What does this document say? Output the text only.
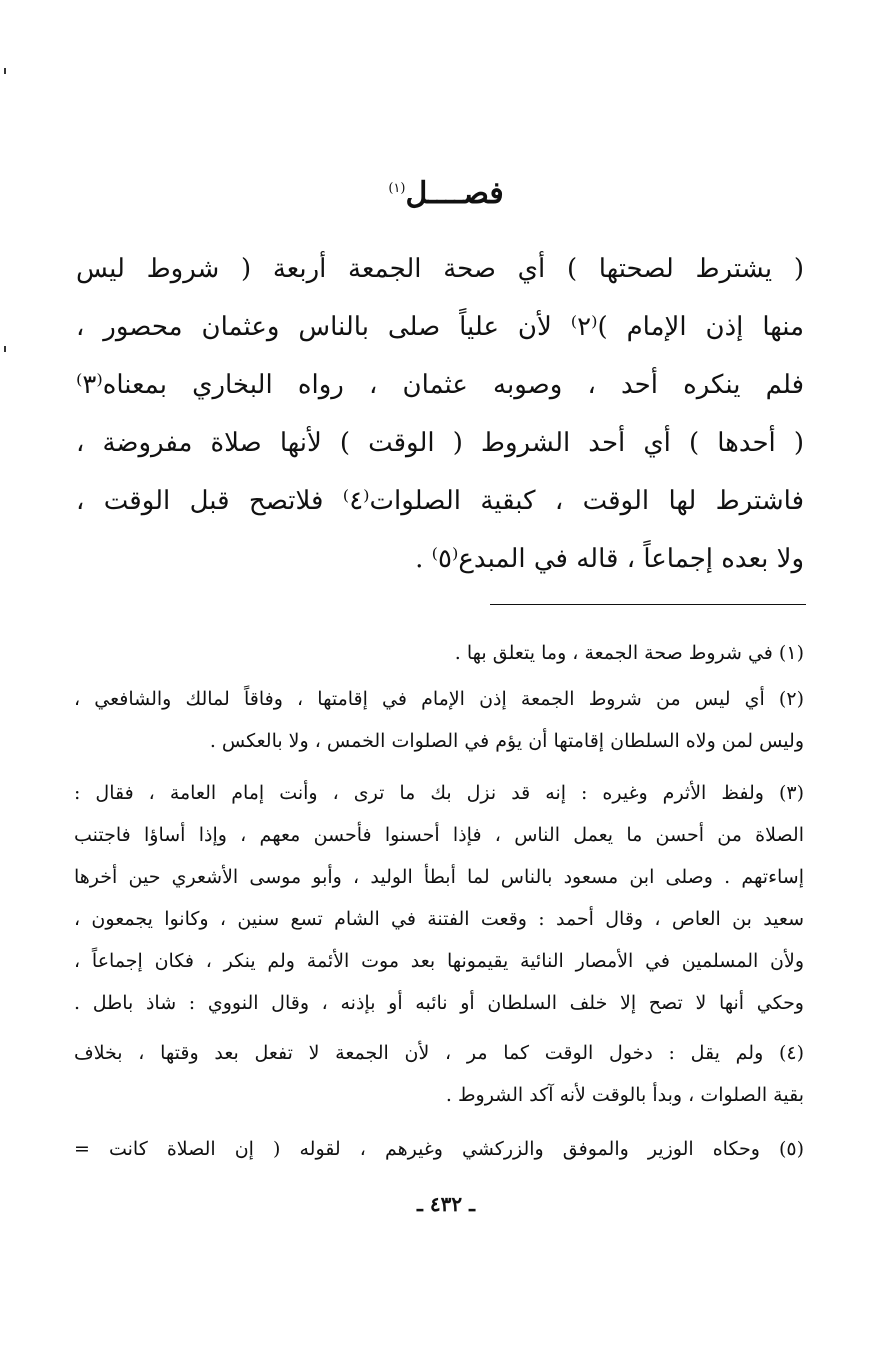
فصــــل$^{(١)}$
( يشترط لصحتها ) أي صحة الجمعة أربعة ( شروط ليس
منها إذن الإمام )⁽٢⁾ لأن علياً صلى بالناس وعثمان محصور ،
فلم ينكره أحد ، وصوبه عثمان ، رواه البخاري بمعناه⁽٣⁾
( أحدها ) أي أحد الشروط ( الوقت ) لأنها صلاة مفروضة ،
فاشترط لها الوقت ، كبقية الصلوات⁽٤⁾ فلاتصح قبل الوقت ،
ولا بعده إجماعاً ، قاله في المبدع⁽٥⁾ .
(١) في شروط صحة الجمعة ، وما يتعلق بها .
(٢) أي ليس من شروط الجمعة إذن الإمام في إقامتها ، وفاقاً لمالك والشافعي ،
وليس لمن ولاه السلطان إقامتها أن يؤم في الصلوات الخمس ، ولا بالعكس .
(٣) ولفظ الأثرم وغيره : إنه قد نزل بك ما ترى ، وأنت إمام العامة ، فقال :
الصلاة من أحسن ما يعمل الناس ، فإذا أحسنوا فأحسن معهم ، وإذا أساؤا فاجتنب
إساءتهم . وصلى ابن مسعود بالناس لما أبطأ الوليد ، وأبو موسى الأشعري حين أخرها
سعيد بن العاص ، وقال أحمد : وقعت الفتنة في الشام تسع سنين ، وكانوا يجمعون ،
ولأن المسلمين في الأمصار النائية يقيمونها بعد موت الأئمة ولم ينكر ، فكان إجماعاً ،
وحكي أنها لا تصح إلا خلف السلطان أو نائبه أو بإذنه ، وقال النووي : شاذ باطل .
(٤) ولم يقل : دخول الوقت كما مر ، لأن الجمعة لا تفعل بعد وقتها ، بخلاف
بقية الصلوات ، وبدأ بالوقت لأنه آكد الشروط .
(٥) وحكاه الوزير والموفق والزركشي وغيرهم ، لقوله ( إن الصلاة كانت =
ـ ٤٣٢ ـ
